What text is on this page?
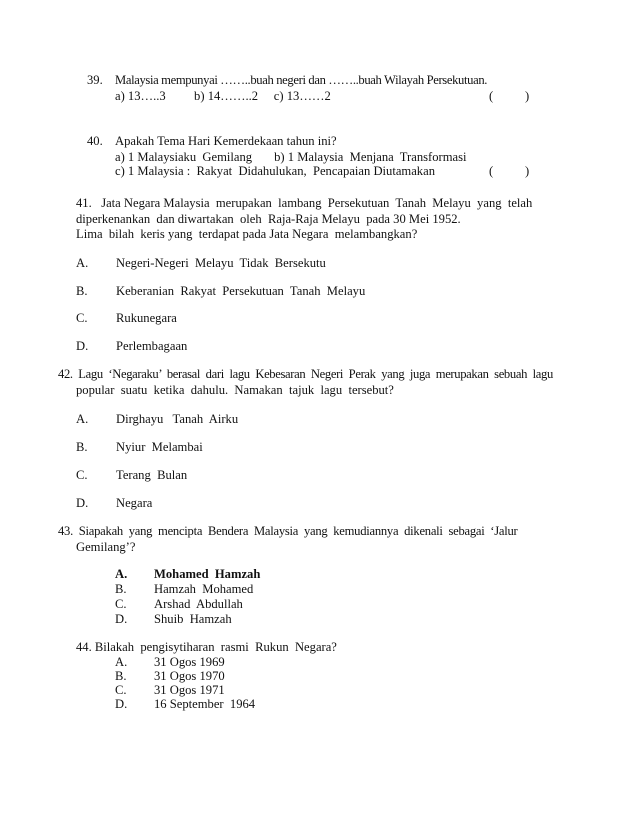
39. Malaysia mempunyai ……..buah negeri dan ……..buah Wilayah Persekutuan.
a) 13…..3         b) 14……..2     c) 13……2	(	)
40. Apakah Tema Hari Kemerdekaan tahun ini?
a) 1 Malaysiaku  Gemilang       b) 1 Malaysia  Menjana  Transformasi
c) 1 Malaysia :  Rakyat  Didahulukan,  Pencapaian Diutamakan	(	)
41.   Jata Negara Malaysia  merupakan  lambang  Persekutuan  Tanah  Melayu  yang  telah
diperkenankan  dan diwartakan  oleh  Raja-Raja Melayu  pada 30 Mei 1952.
Lima  bilah  keris yang  terdapat pada Jata Negara  melambangkan?
A. Negeri-Negeri  Melayu  Tidak  Bersekutu
B. Keberanian  Rakyat  Persekutuan  Tanah  Melayu
C. Rukunegara
D. Perlembagaan
42.  Lagu  ‘Negaraku’  berasal  dari  lagu  Kebesaran  Negeri  Perak  yang  juga  merupakan  sebuah  lagu
popular  suatu  ketika  dahulu.  Namakan  tajuk  lagu  tersebut?
A. Dirghayu   Tanah  Airku
B. Nyiur  Melambai
C. Terang  Bulan
D. Negara
43.  Siapakah  yang  mencipta  Bendera  Malaysia  yang  kemudiannya  dikenali  sebagai  ‘Jalur
Gemilang’?
A. Mohamed  Hamzah
B. Hamzah  Mohamed
C. Arshad  Abdullah
D. Shuib  Hamzah
44. Bilakah  pengisytiharan  rasmi  Rukun  Negara?
A. 31 Ogos 1969
B. 31 Ogos 1970
C. 31 Ogos 1971
D. 16 September  1964
